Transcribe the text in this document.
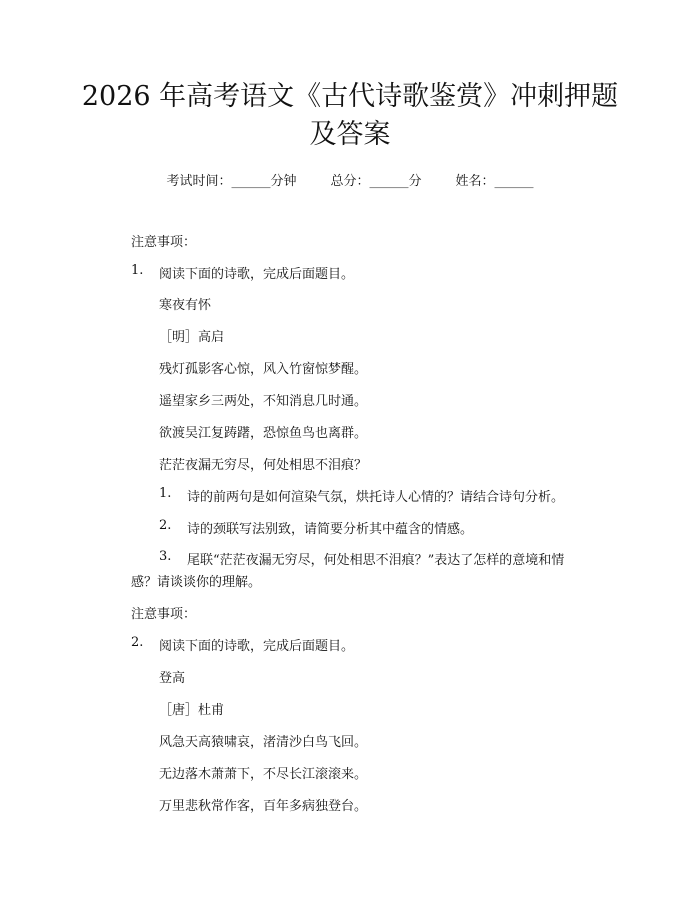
2026 年高考语文《古代诗歌鉴赏》冲刺押题
及答案
考试时间：______分钟	总分：______分	姓名：______
注意事项：
1. 阅读下面的诗歌，完成后面题目。
寒夜有怀
［明］高启
残灯孤影客心惊，风入竹窗惊梦醒。
遥望家乡三两处，不知消息几时通。
欲渡吴江复踌躇，恐惊鱼鸟也离群。
茫茫夜漏无穷尽，何处相思不泪痕？
1. 诗的前两句是如何渲染气氛，烘托诗人心情的？请结合诗句分析。
2. 诗的颈联写法别致，请简要分析其中蕴含的情感。
3. 尾联“茫茫夜漏无穷尽，何处相思不泪痕？”表达了怎样的意境和情
感？请谈谈你的理解。
注意事项：
2. 阅读下面的诗歌，完成后面题目。
登高
［唐］杜甫
风急天高猿啸哀，渚清沙白鸟飞回。
无边落木萧萧下，不尽长江滚滚来。
万里悲秋常作客，百年多病独登台。
